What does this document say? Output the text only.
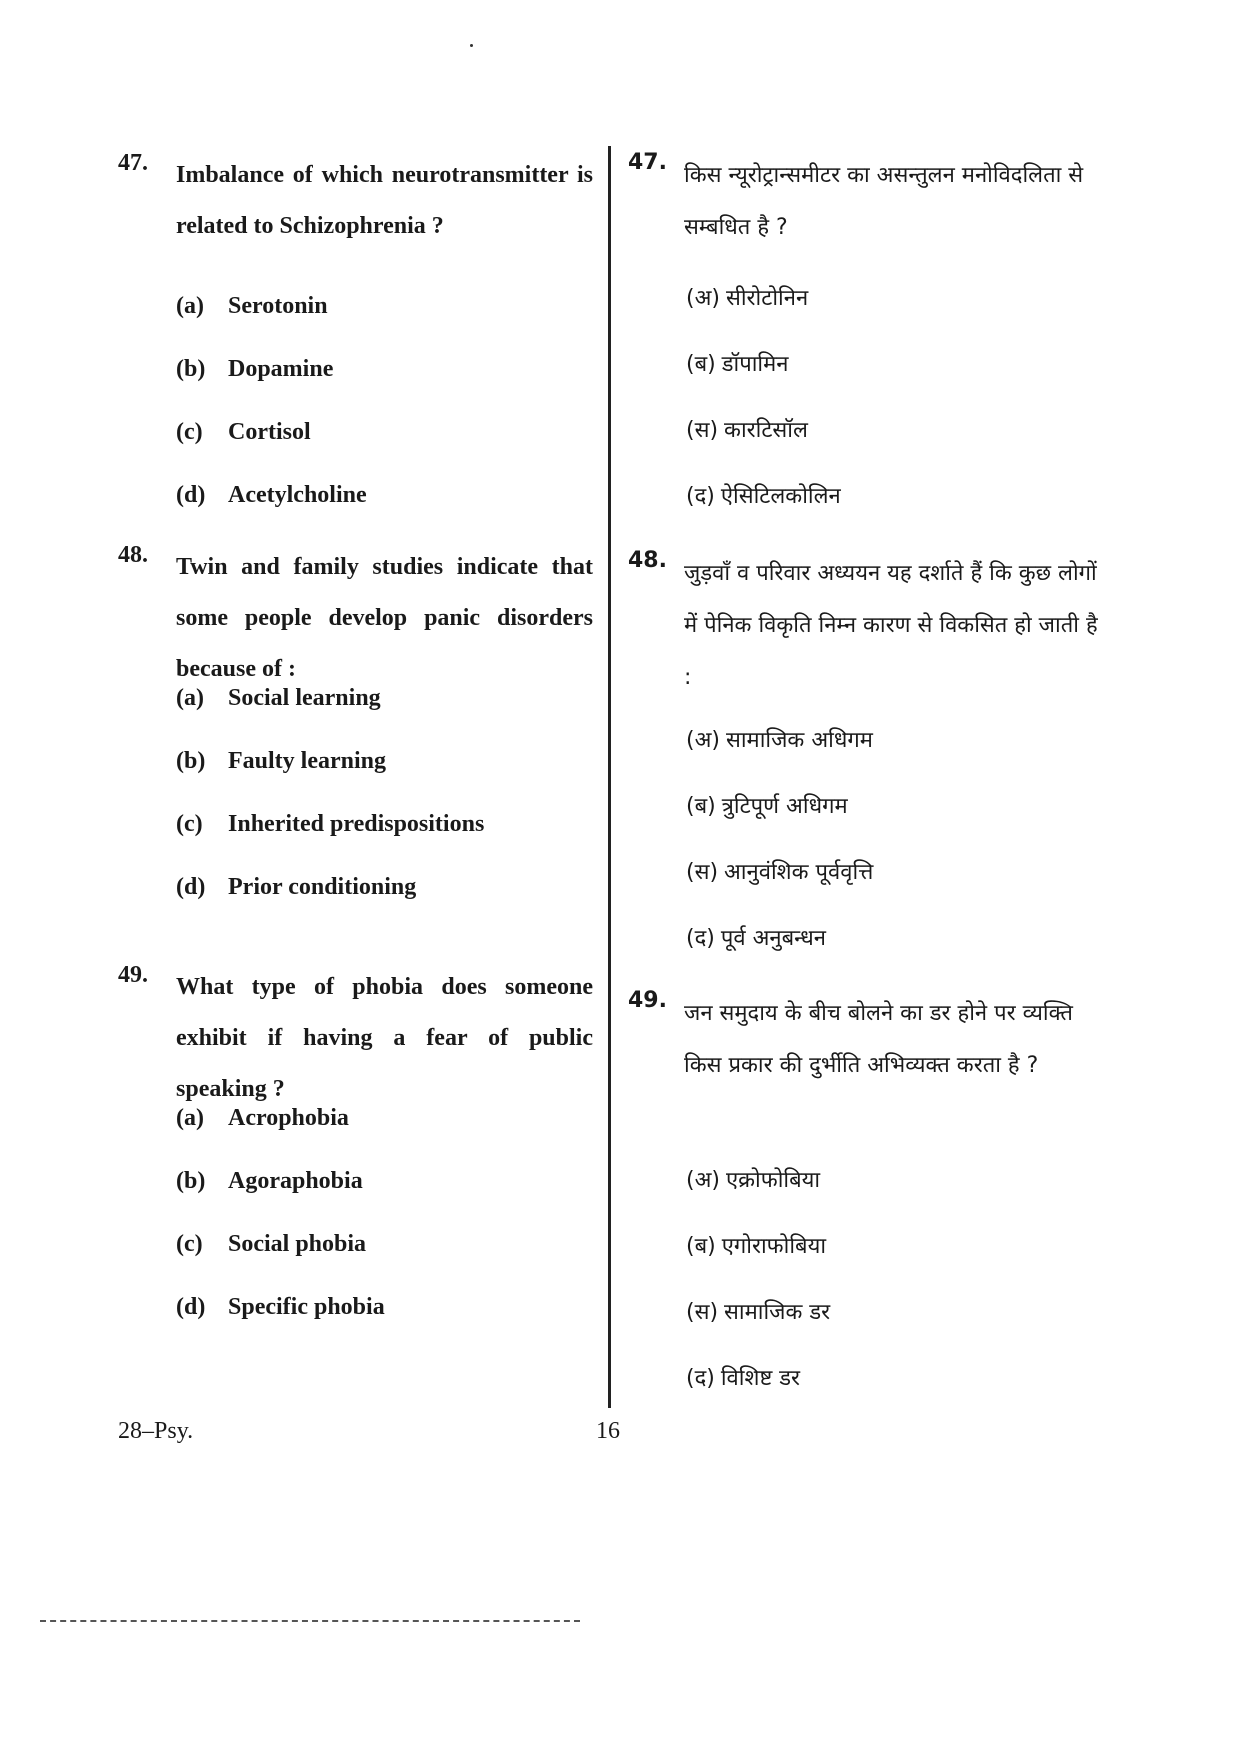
47. Imbalance of which neurotransmitter is related to Schizophrenia ?
(a) Serotonin
(b) Dopamine
(c) Cortisol
(d) Acetylcholine
48. Twin and family studies indicate that some people develop panic disorders because of :
(a) Social learning
(b) Faulty learning
(c) Inherited predispositions
(d) Prior conditioning
49. What type of phobia does someone exhibit if having a fear of public speaking ?
(a) Acrophobia
(b) Agoraphobia
(c) Social phobia
(d) Specific phobia
47.
किस न्यूरोट्रान्समीटर का असन्तुलन मनोविदलिता से सम्बधित है ?
(अ) सीरोटोनिन
(ब) डॉपामिन
(स) कारटिसॉल
(द) ऐसिटिलकोलिन
48.
जुड़वाँ व परिवार अध्ययन यह दर्शाते हैं कि कुछ लोगों में पेनिक विकृति निम्न कारण से विकसित हो जाती है :
(अ) सामाजिक अधिगम
(ब) त्रुटिपूर्ण अधिगम
(स) आनुवंशिक पूर्ववृत्ति
(द) पूर्व अनुबन्धन
49.
जन समुदाय के बीच बोलने का डर होने पर व्यक्ति किस प्रकार की दुर्भीति अभिव्यक्त करता है ?
(अ) एक्रोफोबिया
(ब) एगोराफोबिया
(स) सामाजिक डर
(द) विशिष्ट डर
28–Psy.	16
